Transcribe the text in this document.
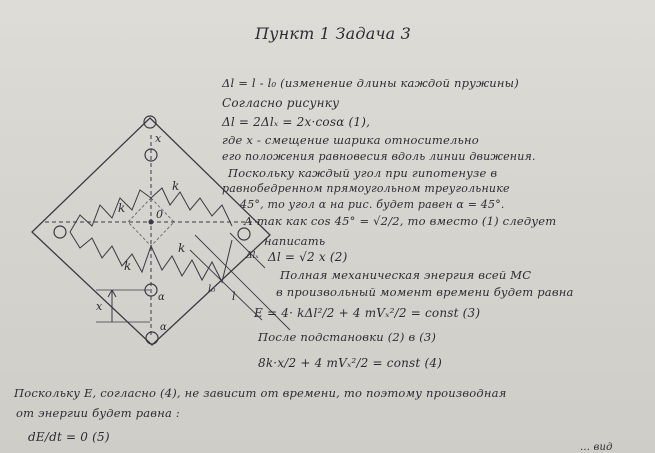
k
k
k
k
0
x
α
α
Δlₓ
l₀
l
x
Пункт 1 Задача 3
Δl = l - l₀ (изменение длины каждой пружины)
Согласно рисунку
Δl = 2Δlₓ = 2x·cosα (1),
где x - смещение шарика относительно
его положения равновесия вдоль линии движения.
Поскольку каждый угол при гипотенузе в
равнобедренном прямоугольном треугольнике
45°, то угол α на рис. будет равен α = 45°.
А так как cos 45° = √2/2, то вместо (1) следует
написать
Δl = √2 x (2)
Полная механическая энергия всей МС
в произвольный момент времени будет равна
E = 4· kΔl²/2 + 4 mVₓ²/2 = const (3)
После подстановки (2) в (3)
8k·x/2 + 4 mVₓ²/2 = const (4)
Поскольку E, согласно (4), не зависит от времени, то поэтому производная
от энергии будет равна :
dE/dt = 0 (5)
... вид
